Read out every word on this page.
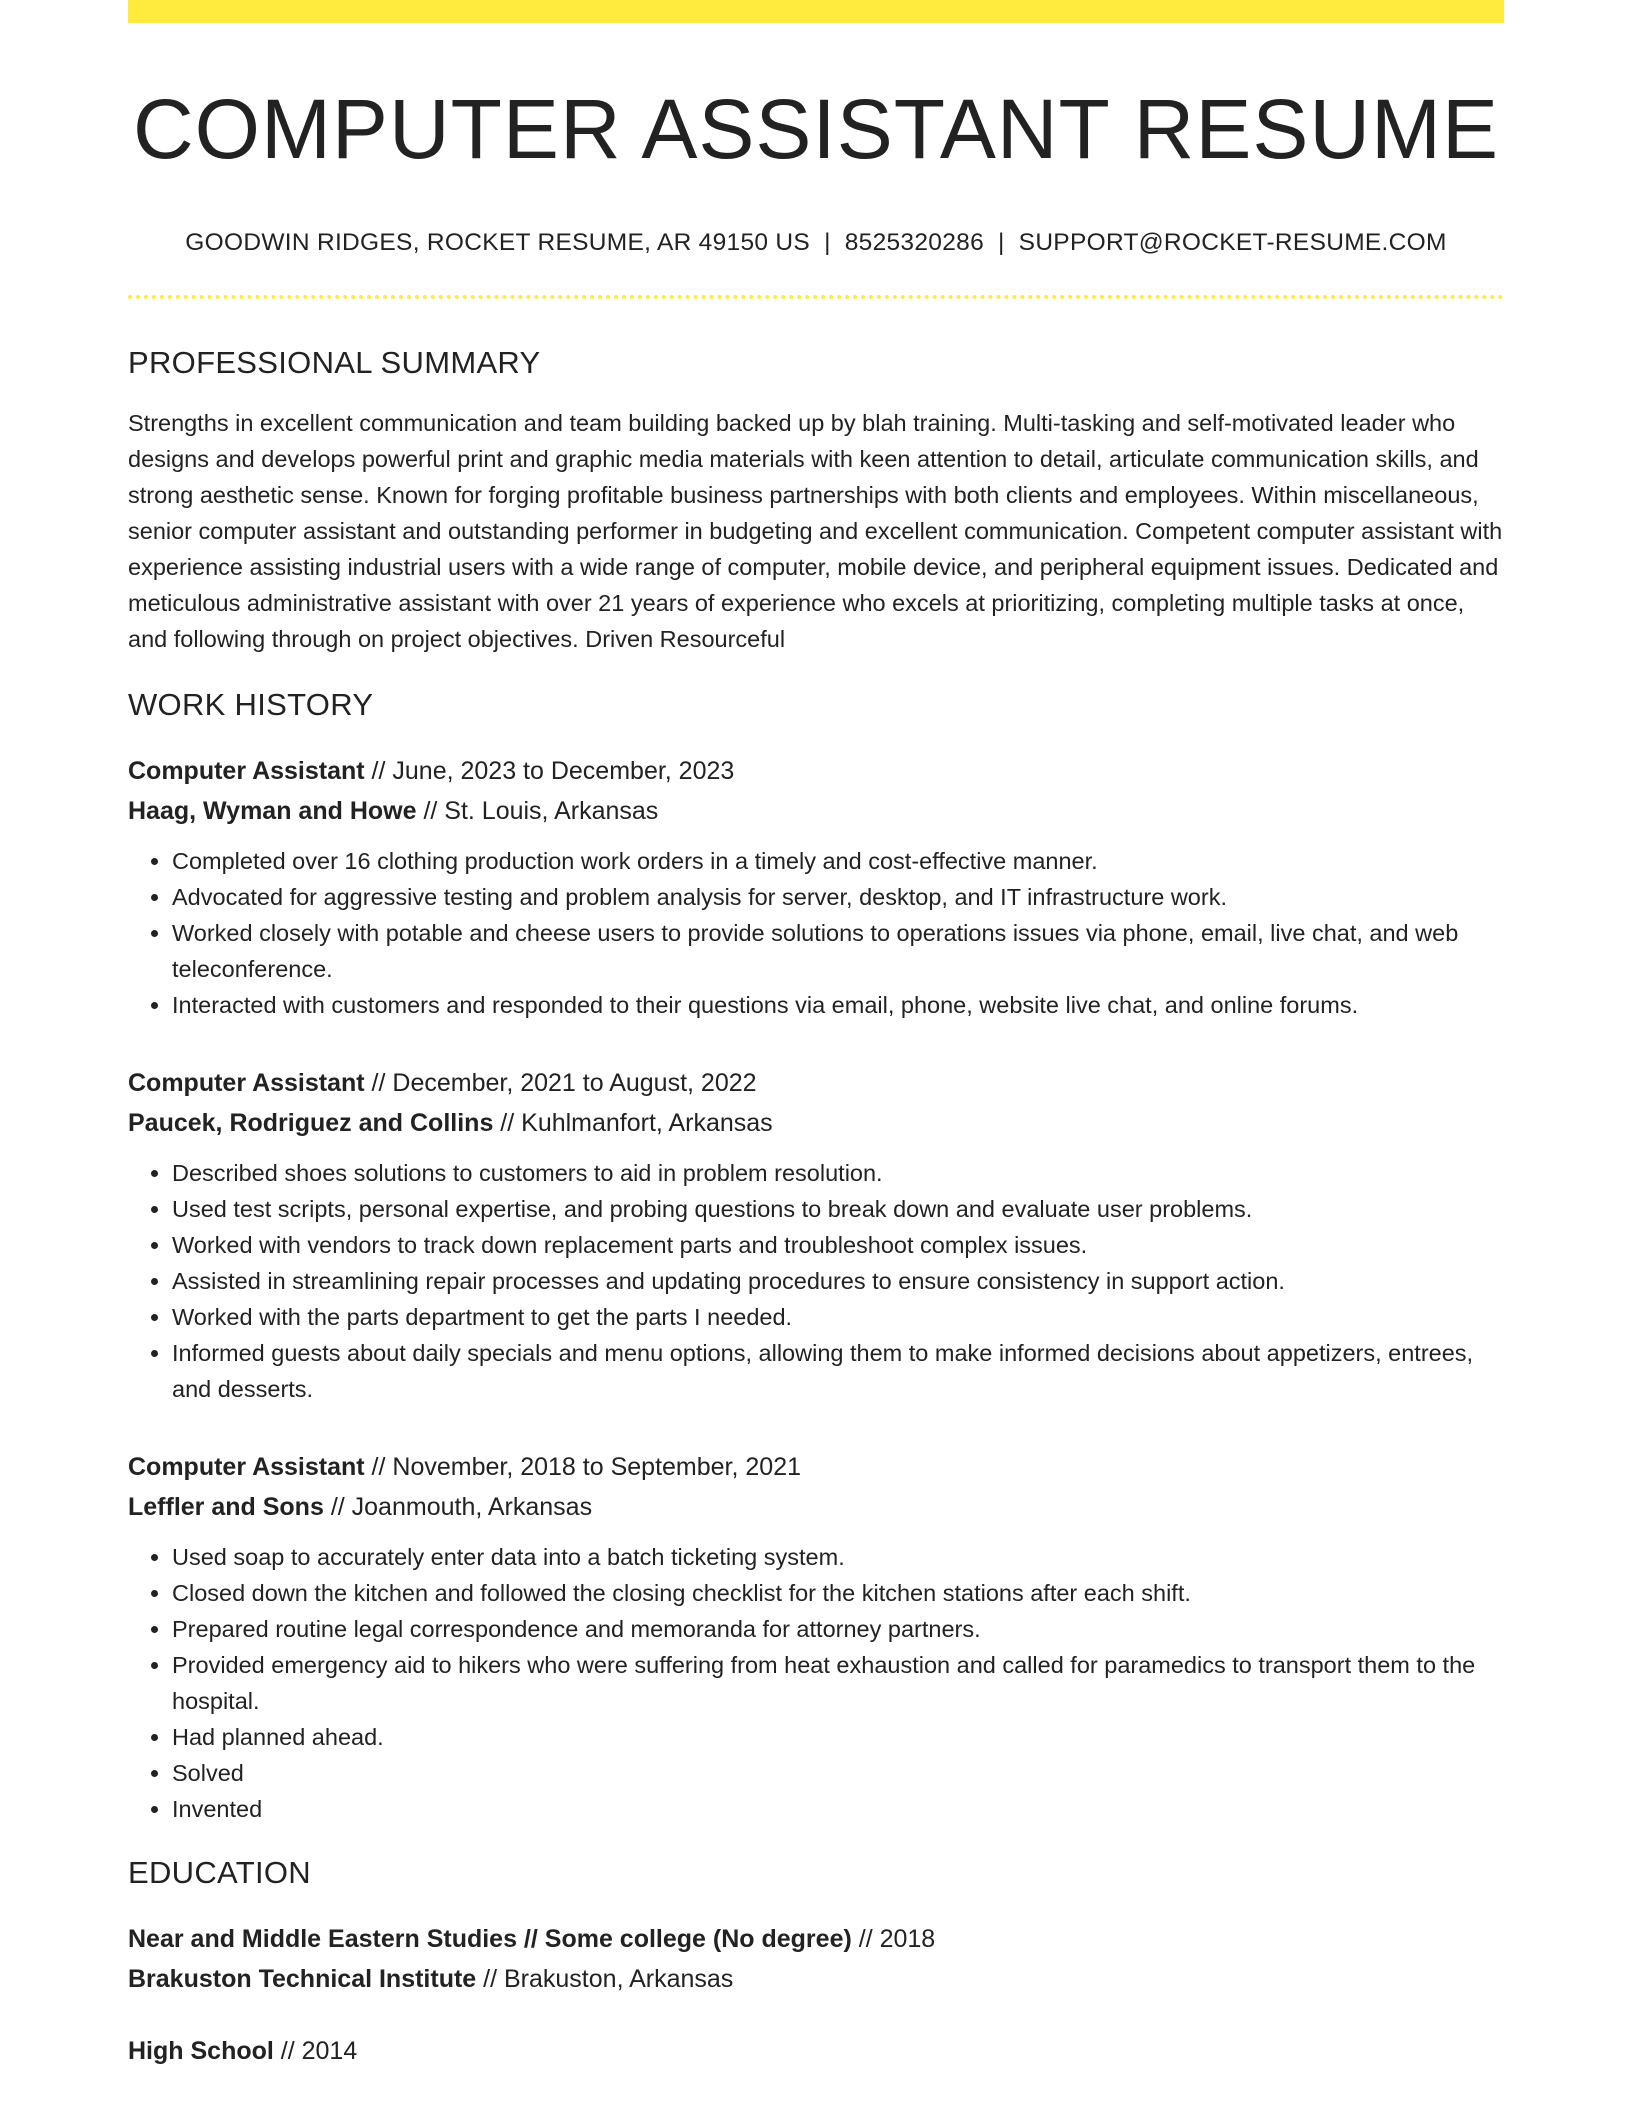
COMPUTER ASSISTANT RESUME
GOODWIN RIDGES, ROCKET RESUME, AR 49150 US | 8525320286 | SUPPORT@ROCKET-RESUME.COM
PROFESSIONAL SUMMARY

Strengths in excellent communication and team building backed up by blah training. Multi-tasking and self-motivated leader who designs and develops powerful print and graphic media materials with keen attention to detail, articulate communication skills, and strong aesthetic sense. Known for forging profitable business partnerships with both clients and employees. Within miscellaneous, senior computer assistant and outstanding performer in budgeting and excellent communication. Competent computer assistant with experience assisting industrial users with a wide range of computer, mobile device, and peripheral equipment issues. Dedicated and meticulous administrative assistant with over 21 years of experience who excels at prioritizing, completing multiple tasks at once, and following through on project objectives. Driven Resourceful

WORK HISTORY
Computer Assistant // June, 2023 to December, 2023
Haag, Wyman and Howe // St. Louis, Arkansas
• Completed over 16 clothing production work orders in a timely and cost-effective manner.
• Advocated for aggressive testing and problem analysis for server, desktop, and IT infrastructure work.
• Worked closely with potable and cheese users to provide solutions to operations issues via phone, email, live chat, and web teleconference.
• Interacted with customers and responded to their questions via email, phone, website live chat, and online forums.
Computer Assistant // December, 2021 to August, 2022
Paucek, Rodriguez and Collins // Kuhlmanfort, Arkansas
• Described shoes solutions to customers to aid in problem resolution.
• Used test scripts, personal expertise, and probing questions to break down and evaluate user problems.
• Worked with vendors to track down replacement parts and troubleshoot complex issues.
• Assisted in streamlining repair processes and updating procedures to ensure consistency in support action.
• Worked with the parts department to get the parts I needed.
• Informed guests about daily specials and menu options, allowing them to make informed decisions about appetizers, entrees, and desserts.
Computer Assistant // November, 2018 to September, 2021
Leffler and Sons // Joanmouth, Arkansas
• Used soap to accurately enter data into a batch ticketing system.
• Closed down the kitchen and followed the closing checklist for the kitchen stations after each shift.
• Prepared routine legal correspondence and memoranda for attorney partners.
• Provided emergency aid to hikers who were suffering from heat exhaustion and called for paramedics to transport them to the hospital.
• Had planned ahead.
• Solved
• Invented
EDUCATION
Near and Middle Eastern Studies // Some college (No degree) // 2018
Brakuston Technical Institute // Brakuston, Arkansas
High School // 2014
